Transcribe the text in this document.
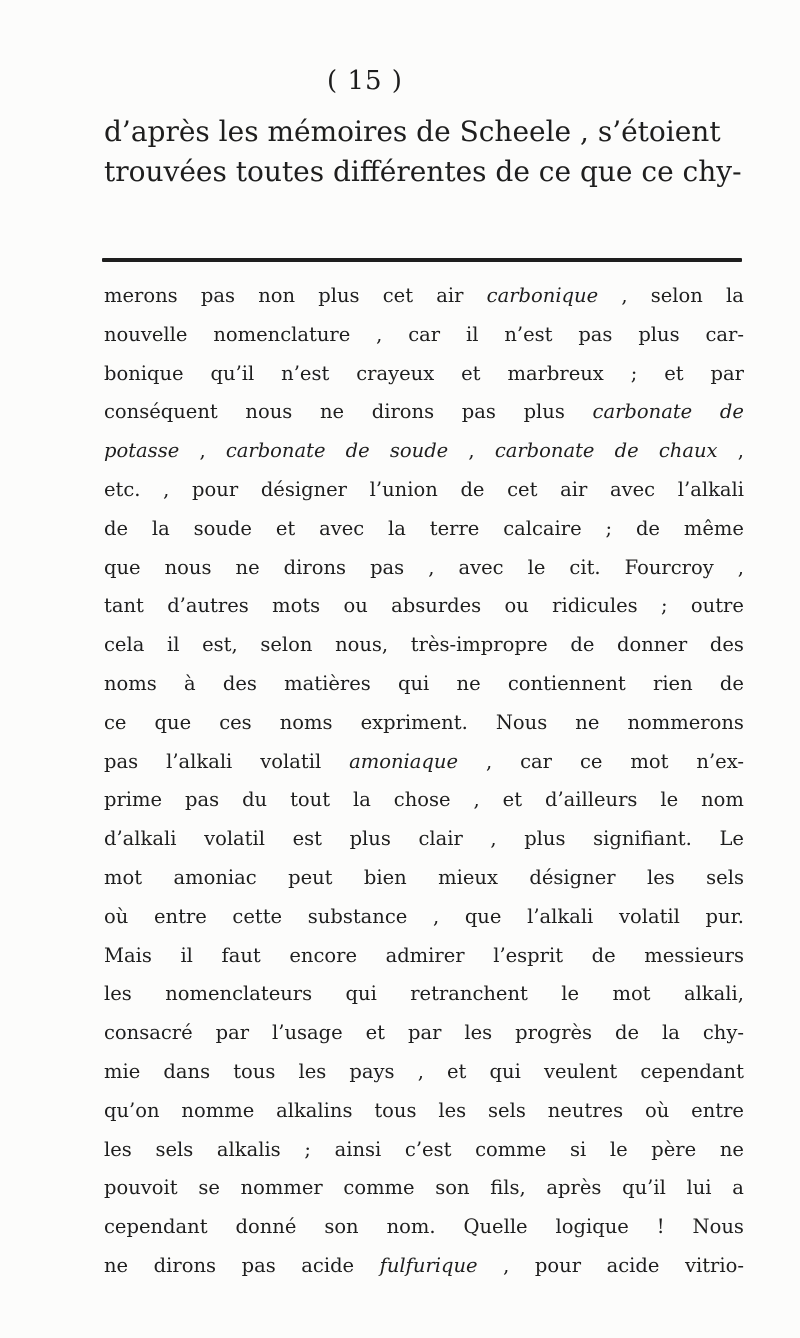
( 15 )
d’après les mémoires de Scheele , s’étoient
trouvées toutes différentes de ce que ce chy-
merons pas non plus cet air carbonique , selon la
nouvelle nomenclature , car il n’est pas plus car-
bonique qu’il n’est crayeux et marbreux ; et par
conséquent nous ne dirons pas plus carbonate de
potasse , carbonate de soude , carbonate de chaux ,
etc. , pour désigner l’union de cet air avec l’alkali
de la soude et avec la terre calcaire ; de même
que nous ne dirons pas , avec le cit. Fourcroy ,
tant d’autres mots ou absurdes ou ridicules ; outre
cela il est, selon nous, très-impropre de donner des
noms à des matières qui ne contiennent rien de
ce que ces noms expriment. Nous ne nommerons
pas l’alkali volatil amoniaque , car ce mot n’ex-
prime pas du tout la chose , et d’ailleurs le nom
d’alkali volatil est plus clair , plus signifiant. Le
mot amoniac peut bien mieux désigner les sels
où entre cette substance , que l’alkali volatil pur.
Mais il faut encore admirer l’esprit de messieurs
les nomenclateurs qui retranchent le mot alkali,
consacré par l’usage et par les progrès de la chy-
mie dans tous les pays , et qui veulent cependant
qu’on nomme alkalins tous les sels neutres où entre
les sels alkalis ; ainsi c’est comme si le père ne
pouvoit se nommer comme son fils, après qu’il lui a
cependant donné son nom. Quelle logique ! Nous
ne dirons pas acide fulfurique , pour acide vitrio-
